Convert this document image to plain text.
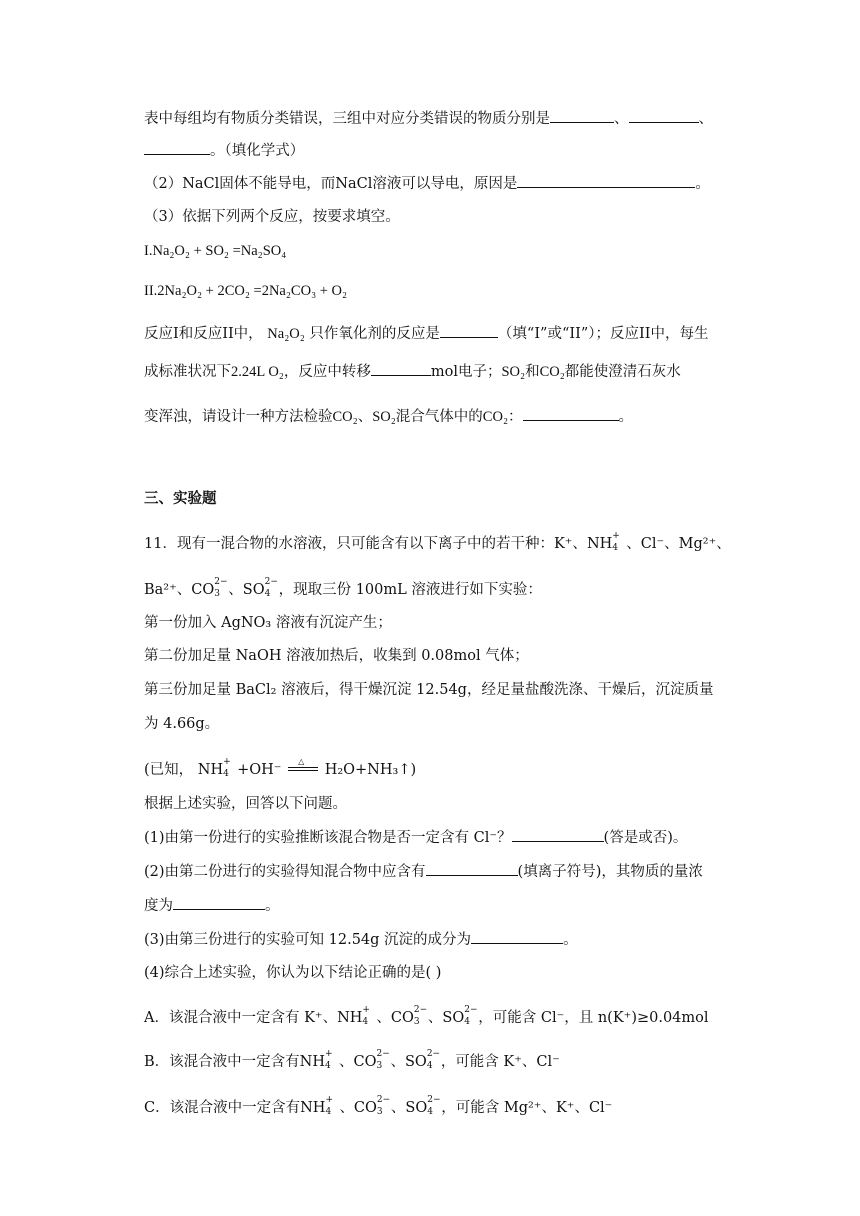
表中每组均有物质分类错误，三组中对应分类错误的物质分别是	、	、
。（填化学式）
（2）NaCl固体不能导电，而NaCl溶液可以导电，原因是	。
（3）依据下列两个反应，按要求填空。
I.Na₂O₂ + SO₂ =Na₂SO₄
II.2Na₂O₂ + 2CO₂ =2Na₂CO₃ + O₂
反应I和反应II中， Na₂O₂ 只作氧化剂的反应是	（填“I”或“II”）；反应II中，每生
成标准状况下2.24L O₂，反应中转移	mol电子；SO₂和CO₂都能使澄清石灰水
变浑浊，请设计一种方法检验CO₂、SO₂混合气体中的CO₂：	。
三、实验题
11．现有一混合物的水溶液，只可能含有以下离子中的若干种：K⁺、NH +
4 、Cl⁻、Mg²⁺、
Ba²⁺、CO 2−
3 、SO 2−
4 ，现取三份 100mL 溶液进行如下实验：
第一份加入 AgNO₃ 溶液有沉淀产生；
第二份加足量 NaOH 溶液加热后，收集到 0.08mol 气体；
第三份加足量 BaCl₂ 溶液后，得干燥沉淀 12.54g，经足量盐酸洗涤、干燥后，沉淀质量
为 4.66g。
(已知， NH +
4 +OH⁻
△
H₂O+NH₃↑)
根据上述实验，回答以下问题。
(1)由第一份进行的实验推断该混合物是否一定含有 Cl⁻？	(答是或否)。
(2)由第二份进行的实验得知混合物中应含有	(填离子符号)，其物质的量浓
度为	。
(3)由第三份进行的实验可知 12.54g 沉淀的成分为	。
(4)综合上述实验，你认为以下结论正确的是( )
A．该混合液中一定含有 K⁺、NH +
4 、CO 2−
3 、SO 2−
4 ，可能含 Cl⁻，且 n(K⁺)≥0.04mol
B．该混合液中一定含有NH +
4 、CO 2−
3 、SO 2−
4 ，可能含 K⁺、Cl⁻
C．该混合液中一定含有NH +
4 、CO 2−
3 、SO 2−
4 ，可能含 Mg²⁺、K⁺、Cl⁻
